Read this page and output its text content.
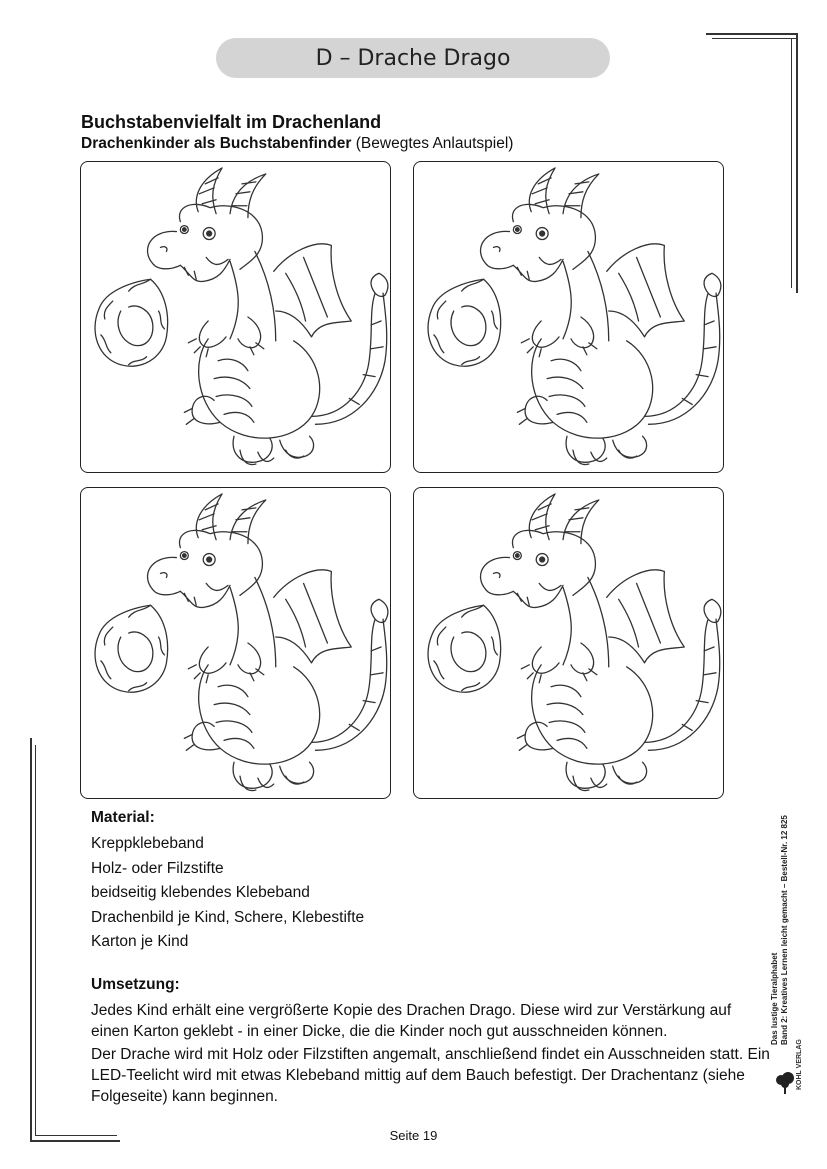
D – Drache Drago
Buchstabenvielfalt im Drachenland
Drachenkinder als Buchstabenfinder (Bewegtes Anlautspiel)
Material:
Kreppklebeband
Holz- oder Filzstifte
beidseitig klebendes Klebeband
Drachenbild je Kind, Schere, Klebestifte
Karton je Kind
Umsetzung:

Jedes Kind erhält eine vergrößerte Kopie des Drachen Drago. Diese wird zur Verstärkung auf einen Karton geklebt - in einer Dicke, die die Kinder noch gut ausschneiden können.

Der Drache wird mit Holz oder Filzstiften angemalt, anschließend findet ein Ausschneiden statt. Ein LED-Teelicht wird mit etwas Klebeband mittig auf dem Bauch befestigt. Der Drachentanz (siehe Folgeseite) kann beginnen.

Seite 19
Das lustige Tieralphabet Band 2: Kreatives Lernen leicht gemacht – Bestell-Nr. 12 825
KOHL VERLAG
